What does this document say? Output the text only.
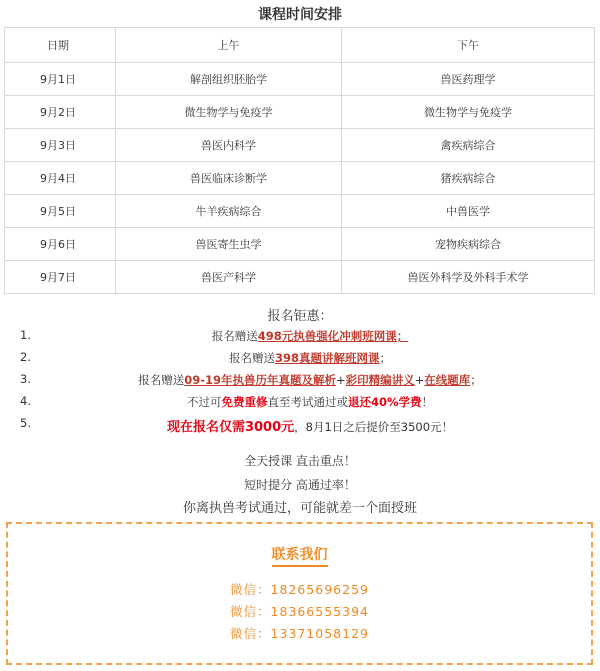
课程时间安排
日期	上午	下午
9月1日	解剖组织胚胎学	兽医药理学
9月2日	微生物学与免疫学	微生物学与免疫学
9月3日	兽医内科学	禽疾病综合
9月4日	兽医临床诊断学	猪疾病综合
9月5日	牛羊疾病综合	中兽医学
9月6日	兽医寄生虫学	宠物疾病综合
9月7日	兽医产科学	兽医外科学及外科手术学
报名钜惠：
1.	报名赠送498元执兽强化冲刺班网课；
2.	报名赠送398真题讲解班网课；
3.	报名赠送09-19年执兽历年真题及解析+彩印精编讲义+在线题库；
4.	不过可免费重修直至考试通过或退还40%学费！
5.	现在报名仅需3000元，8月1日之后提价至3500元！
全天授课 直击重点！
短时提分 高通过率！
你离执兽考试通过，可能就差一个面授班
联系我们
微信：18265696259
微信：18366555394
微信：13371058129
